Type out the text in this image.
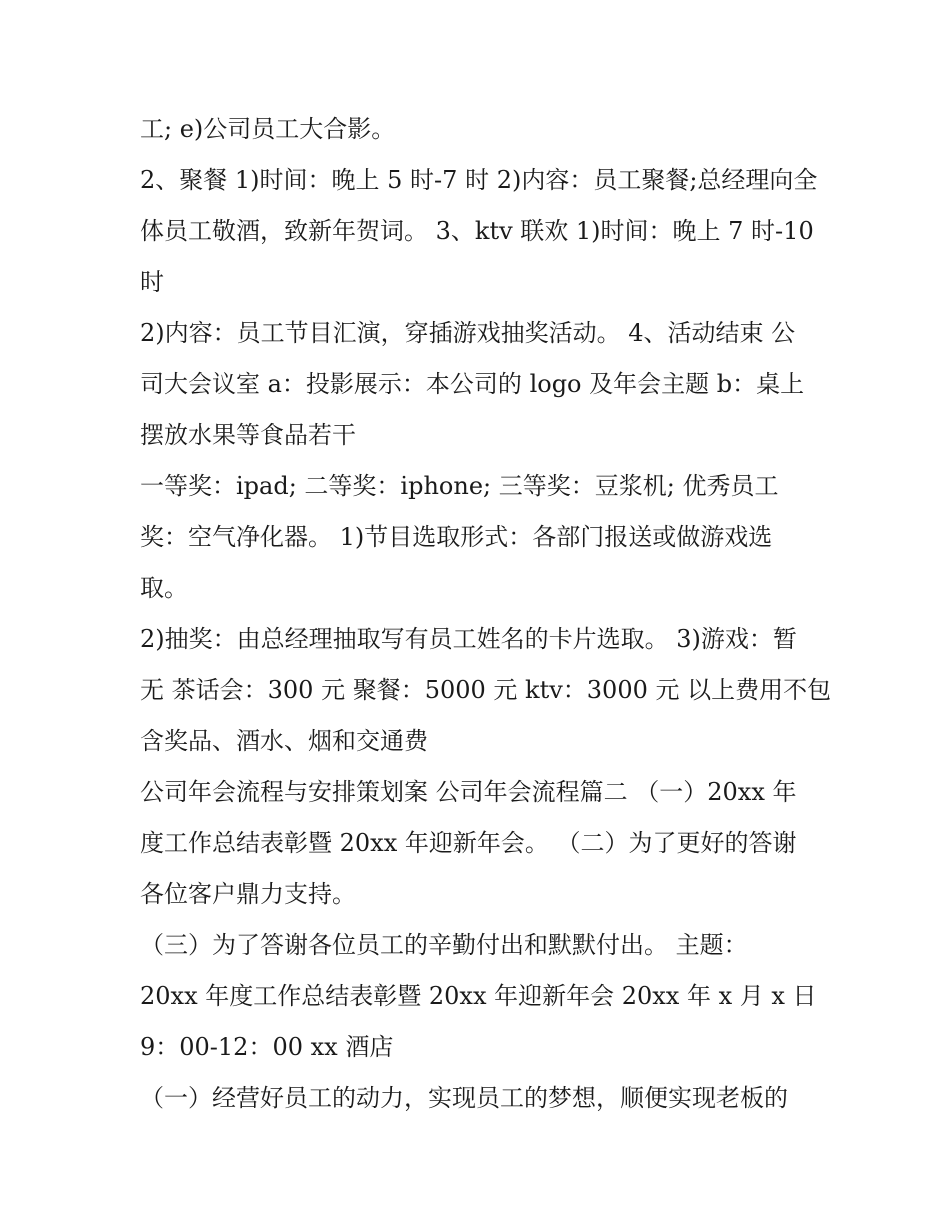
工; e)公司员工大合影。
2、聚餐 1)时间：晚上 5 时-7 时 2)内容：员工聚餐;总经理向全
体员工敬酒，致新年贺词。 3、ktv 联欢 1)时间：晚上 7 时-10
时
2)内容：员工节目汇演，穿插游戏抽奖活动。 4、活动结束 公
司大会议室 a：投影展示：本公司的 logo 及年会主题 b：桌上
摆放水果等食品若干
一等奖：ipad; 二等奖：iphone; 三等奖：豆浆机; 优秀员工
奖：空气净化器。 1)节目选取形式：各部门报送或做游戏选
取。
2)抽奖：由总经理抽取写有员工姓名的卡片选取。 3)游戏：暂
无 茶话会：300 元 聚餐：5000 元 ktv：3000 元 以上费用不包
含奖品、酒水、烟和交通费
公司年会流程与安排策划案 公司年会流程篇二 （一）20xx 年
度工作总结表彰暨 20xx 年迎新年会。 （二）为了更好的答谢
各位客户鼎力支持。
（三）为了答谢各位员工的辛勤付出和默默付出。 主题：
20xx 年度工作总结表彰暨 20xx 年迎新年会 20xx 年 x 月 x 日
9：00-12：00 xx 酒店
（一）经营好员工的动力，实现员工的梦想，顺便实现老板的
